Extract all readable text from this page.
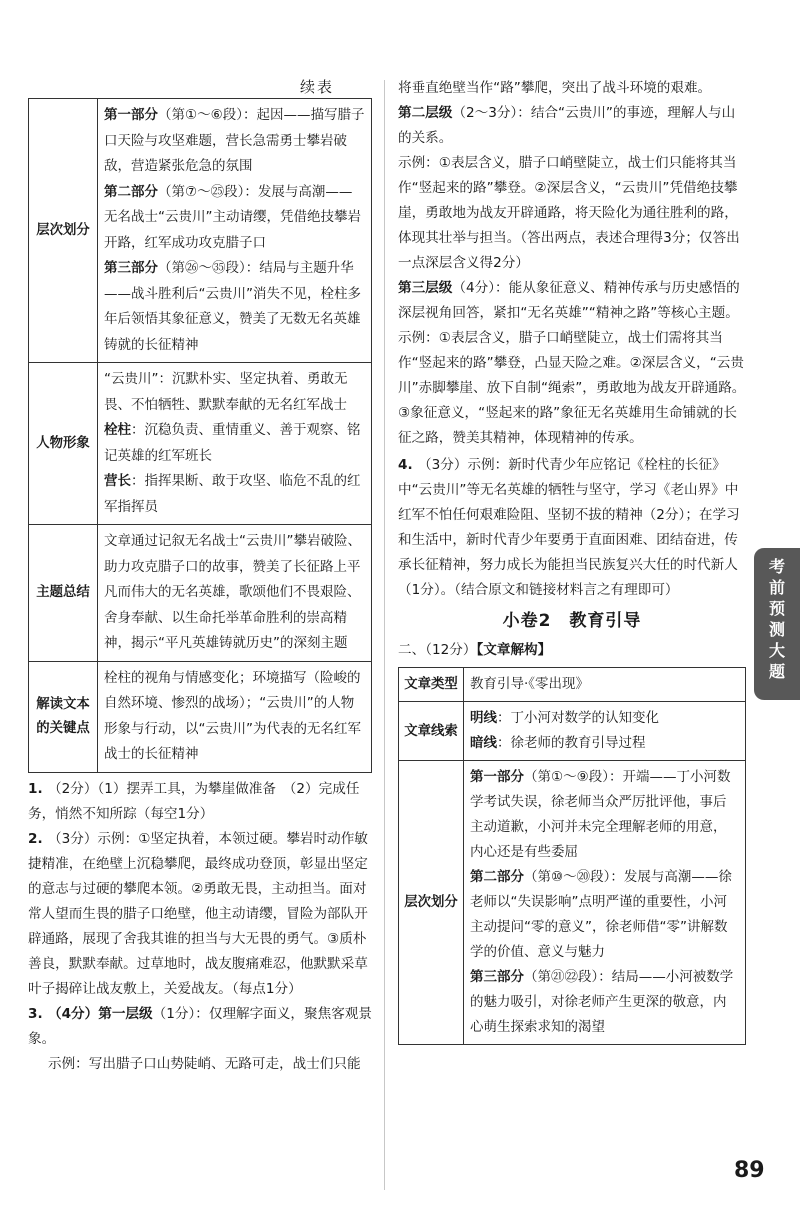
续表
层次划分	第一部分（第①～⑥段）：起因——描写腊子口天险与攻坚难题，营长急需勇士攀岩破敌，营造紧张危急的氛围
第二部分（第⑦～㉕段）：发展与高潮——无名战士“云贵川”主动请缨，凭借绝技攀岩开路，红军成功攻克腊子口
第三部分（第㉖～㉟段）：结局与主题升华——战斗胜利后“云贵川”消失不见，栓柱多年后领悟其象征意义，赞美了无数无名英雄铸就的长征精神

人物形象	“云贵川”：沉默朴实、坚定执着、勇敢无畏、不怕牺牲、默默奉献的无名红军战士
栓柱：沉稳负责、重情重义、善于观察、铭记英雄的红军班长
营长：指挥果断、敢于攻坚、临危不乱的红军指挥员

主题总结	文章通过记叙无名战士“云贵川”攀岩破险、助力攻克腊子口的故事，赞美了长征路上平凡而伟大的无名英雄，歌颂他们不畏艰险、舍身奉献、以生命托举革命胜利的崇高精神，揭示“平凡英雄铸就历史”的深刻主题

解读文本的关键点	栓柱的视角与情感变化；环境描写（险峻的自然环境、惨烈的战场）；“云贵川”的人物形象与行动，以“云贵川”为代表的无名红军战士的长征精神

1. （2分）（1）摆弄工具，为攀崖做准备　（2）完成任务，悄然不知所踪（每空1分）

2. （3分）示例：①坚定执着，本领过硬。攀岩时动作敏捷精准，在绝壁上沉稳攀爬，最终成功登顶，彰显出坚定的意志与过硬的攀爬本领。②勇敢无畏，主动担当。面对常人望而生畏的腊子口绝壁，他主动请缨，冒险为部队开辟通路，展现了舍我其谁的担当与大无畏的勇气。③质朴善良，默默奉献。过草地时，战友腹痛难忍，他默默采草叶子揭碎让战友敷上，关爱战友。（每点1分）

3. （4分）第一层级（1分）：仅理解字面义，聚焦客观景象。

示例：写出腊子口山势陡峭、无路可走，战士们只能

将垂直绝壁当作“路”攀爬，突出了战斗环境的艰难。

第二层级（2～3分）：结合“云贵川”的事迹，理解人与山的关系。

示例：①表层含义，腊子口峭壁陡立，战士们只能将其当作“竖起来的路”攀登。②深层含义，“云贵川”凭借绝技攀崖，勇敢地为战友开辟通路，将天险化为通往胜利的路，体现其壮举与担当。（答出两点，表述合理得3分；仅答出一点深层含义得2分）

第三层级（4分）：能从象征意义、精神传承与历史感悟的深层视角回答，紧扣“无名英雄”“精神之路”等核心主题。

示例：①表层含义，腊子口峭壁陡立，战士们需将其当作“竖起来的路”攀登，凸显天险之难。②深层含义，“云贵川”赤脚攀崖、放下自制“绳索”，勇敢地为战友开辟通路。③象征意义，“竖起来的路”象征无名英雄用生命铺就的长征之路，赞美其精神，体现精神的传承。

4. （3分）示例：新时代青少年应铭记《栓柱的长征》中“云贵川”等无名英雄的牺牲与坚守，学习《老山界》中红军不怕任何艰难险阻、坚韧不拔的精神（2分）；在学习和生活中，新时代青少年要勇于直面困难、团结奋进，传承长征精神，努力成长为能担当民族复兴大任的时代新人（1分）。（结合原文和链接材料言之有理即可）

小卷2　教育引导

二、（12分）【文章解构】

文章类型	教育引导·《零出现》

文章线索	明线：丁小河对数学的认知变化
暗线：徐老师的教育引导过程

层次划分	第一部分（第①～⑨段）：开端——丁小河数学考试失误，徐老师当众严厉批评他，事后主动道歉，小河并未完全理解老师的用意，内心还是有些委屈
第二部分（第⑩～⑳段）：发展与高潮——徐老师以“失误影响”点明严谨的重要性，小河主动提问“零的意义”，徐老师借“零”讲解数学的价值、意义与魅力
第三部分（第㉑㉒段）：结局——小河被数学的魅力吸引，对徐老师产生更深的敬意，内心萌生探索求知的渴望
考
前
预
测
大
题
89
